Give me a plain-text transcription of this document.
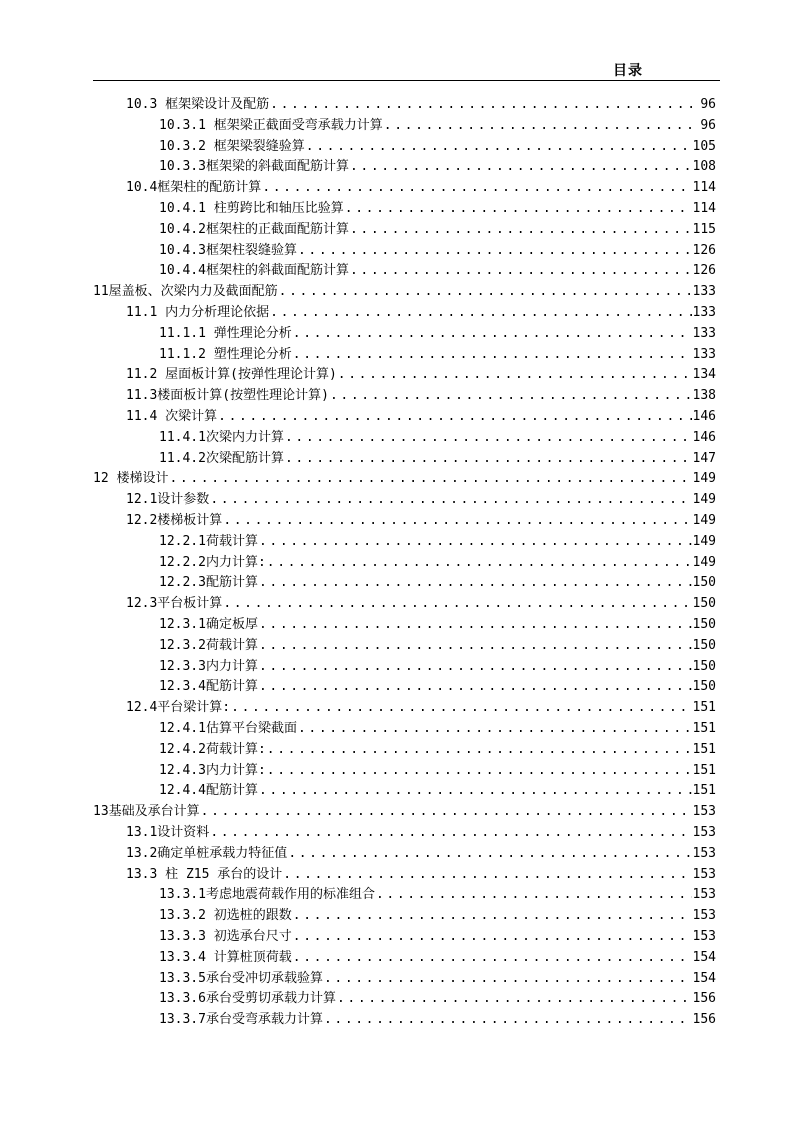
目录
10.3 框架梁设计及配筋 .....	96
10.3.1 框架梁正截面受弯承载力计算 .....	96
10.3.2 框架梁裂缝验算 .....	105
10.3.3框架梁的斜截面配筋计算 .....	108
10.4框架柱的配筋计算 .....	114
10.4.1 柱剪跨比和轴压比验算 .....	114
10.4.2框架柱的正截面配筋计算 .....	115
10.4.3框架柱裂缝验算 .....	126
10.4.4框架柱的斜截面配筋计算 .....	126
11屋盖板、次梁内力及截面配筋 .....	133
11.1 内力分析理论依据 .....	133
11.1.1 弹性理论分析 .....	133
11.1.2 塑性理论分析 .....	133
11.2 屋面板计算(按弹性理论计算) .....	134
11.3楼面板计算(按塑性理论计算) .....	138
11.4 次梁计算 .....	146
11.4.1次梁内力计算 .....	146
11.4.2次梁配筋计算 .....	147
12 楼梯设计 .....	149
12.1设计参数 .....	149
12.2楼梯板计算 .....	149
12.2.1荷载计算 .....	149
12.2.2内力计算: .....	149
12.2.3配筋计算 .....	150
12.3平台板计算 .....	150
12.3.1确定板厚 .....	150
12.3.2荷载计算 .....	150
12.3.3内力计算 .....	150
12.3.4配筋计算 .....	150
12.4平台梁计算: .....	151
12.4.1估算平台梁截面 .....	151
12.4.2荷载计算: .....	151
12.4.3内力计算: .....	151
12.4.4配筋计算 .....	151
13基础及承台计算 .....	153
13.1设计资料 .....	153
13.2确定单桩承载力特征值 .....	153
13.3 柱 Z15 承台的设计 .....	153
13.3.1考虑地震荷载作用的标准组合 .....	153
13.3.2 初选桩的跟数 .....	153
13.3.3 初选承台尺寸 .....	153
13.3.4 计算桩顶荷载 .....	154
13.3.5承台受冲切承载验算 .....	154
13.3.6承台受剪切承载力计算 .....	156
13.3.7承台受弯承载力计算 .....	156
